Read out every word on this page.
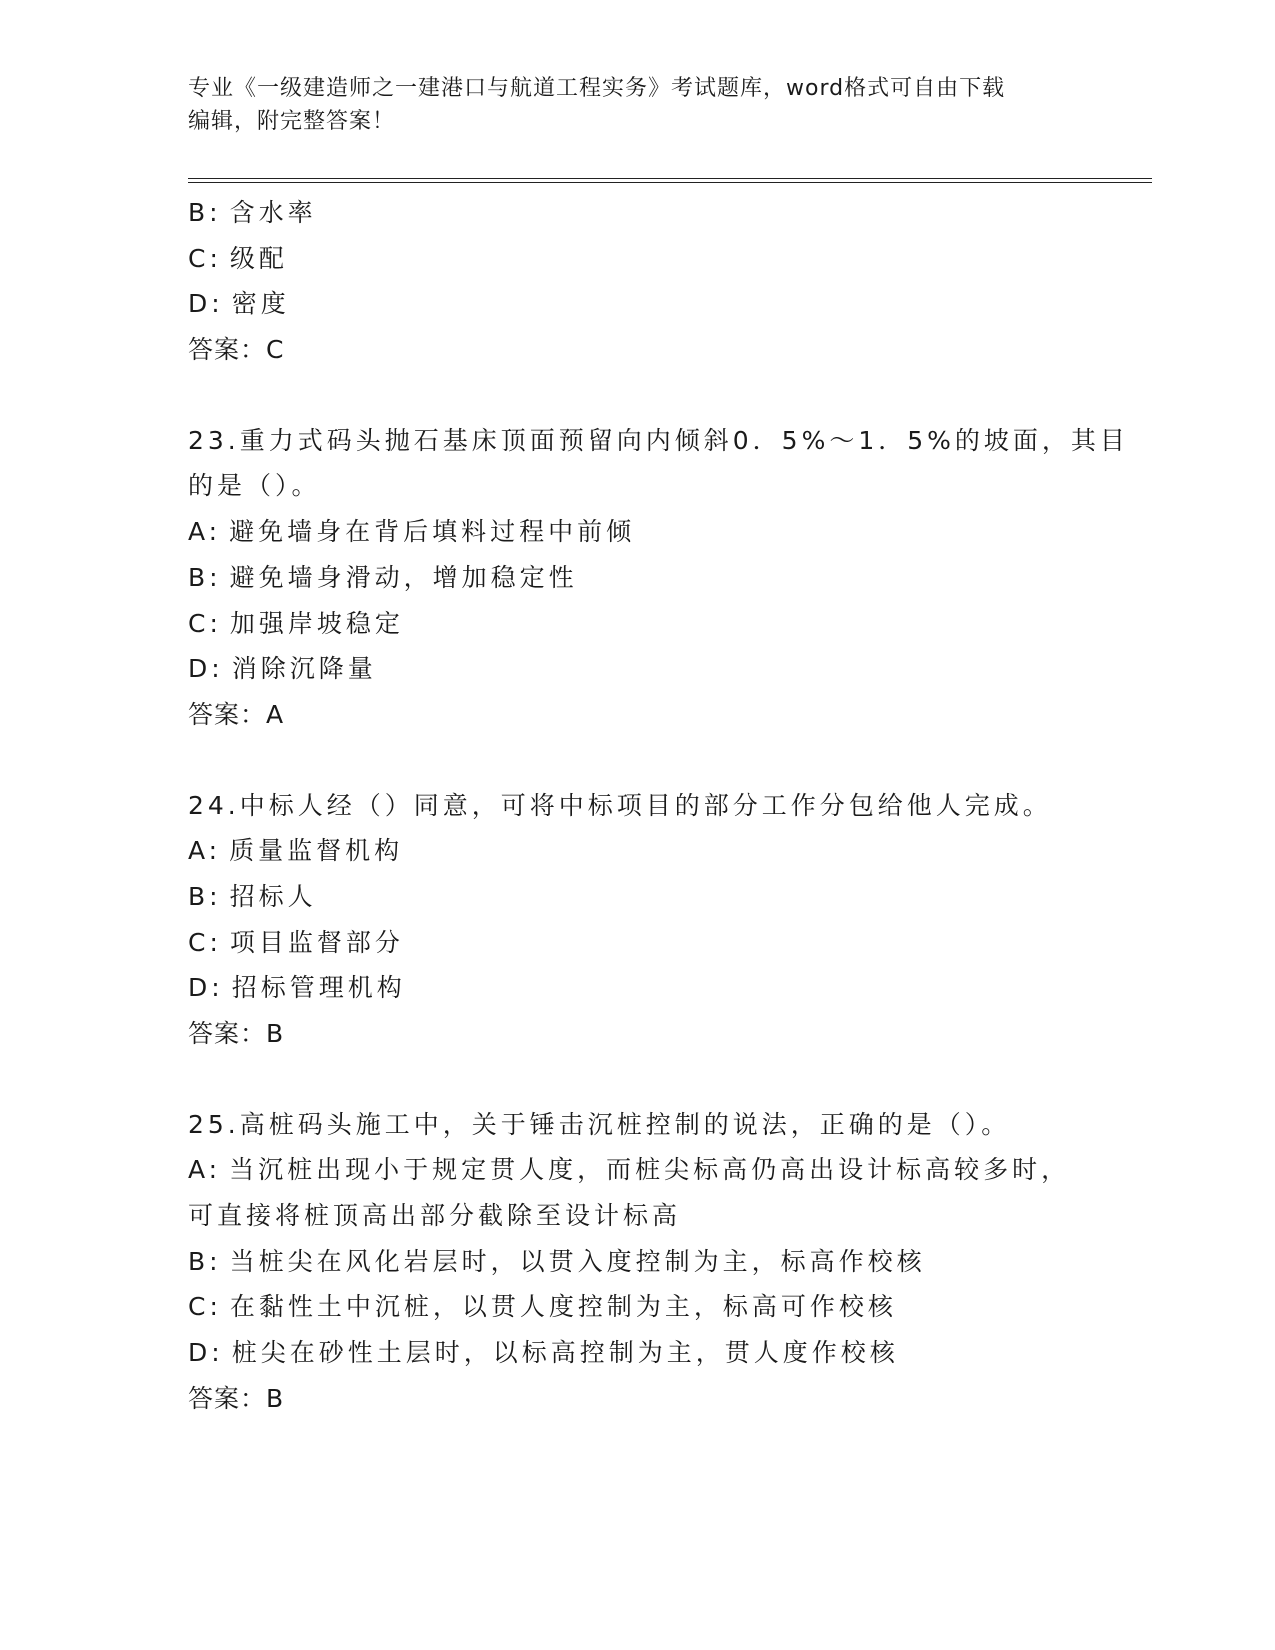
专业《一级建造师之一建港口与航道工程实务》考试题库，word格式可自由下载
编辑，附完整答案！
B: 含水率
C: 级配
D: 密度
答案：C
23.重力式码头抛石基床顶面预留向内倾斜0．5%～1．5%的坡面，其目
的是（）。
A: 避免墙身在背后填料过程中前倾
B: 避免墙身滑动，增加稳定性
C: 加强岸坡稳定
D: 消除沉降量
答案：A
24.中标人经（）同意，可将中标项目的部分工作分包给他人完成。
A: 质量监督机构
B: 招标人
C: 项目监督部分
D: 招标管理机构
答案：B
25.高桩码头施工中，关于锤击沉桩控制的说法，正确的是（）。
A: 当沉桩出现小于规定贯人度，而桩尖标高仍高出设计标高较多时，
可直接将桩顶高出部分截除至设计标高
B: 当桩尖在风化岩层时，以贯入度控制为主，标高作校核
C: 在黏性土中沉桩，以贯人度控制为主，标高可作校核
D: 桩尖在砂性土层时，以标高控制为主，贯人度作校核
答案：B
